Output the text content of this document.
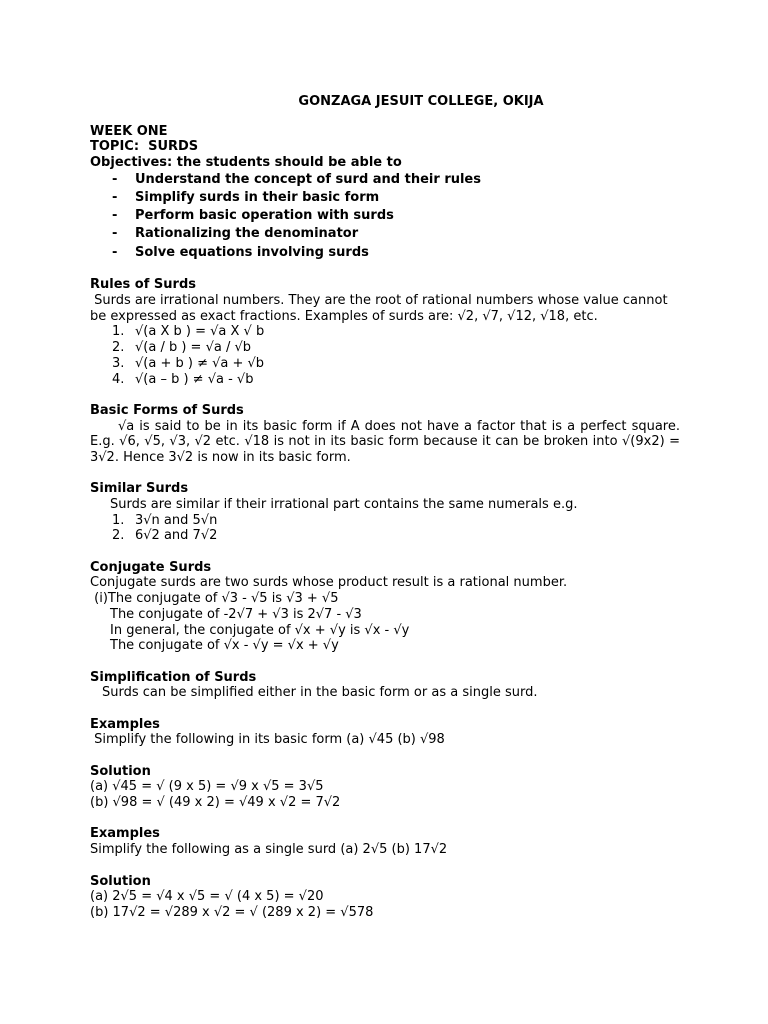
GONZAGA JESUIT COLLEGE, OKIJA
WEEK ONE
TOPIC:  SURDS
Objectives: the students should be able to
-	Understand the concept of surd and their rules
-	Simplify surds in their basic form
-	Perform basic operation with surds
-	Rationalizing the denominator
-	Solve equations involving surds
Rules of Surds
Surds are irrational numbers. They are the root of rational numbers whose value cannot
be expressed as exact fractions. Examples of surds are: √2, √7, √12, √18, etc.
1. √(a X b ) = √a X √ b
2. √(a / b ) = √a / √b
3. √(a + b ) ≠ √a + √b
4. √(a – b ) ≠ √a - √b
Basic Forms of Surds
√a is said to be in its basic form if A does not have a factor that is a perfect square. E.g. √6, √5, √3, √2 etc. √18 is not in its basic form because it can be broken into √(9x2) = 3√2. Hence 3√2 is now in its basic form.
Similar Surds
Surds are similar if their irrational part contains the same numerals e.g.
1. 3√n and 5√n
2. 6√2 and 7√2
Conjugate Surds
Conjugate surds are two surds whose product result is a rational number.
(i)The conjugate of √3 - √5 is √3 + √5
The conjugate of -2√7 + √3 is 2√7 - √3
In general, the conjugate of √x + √y is √x - √y
The conjugate of √x - √y = √x + √y
Simplification of Surds
Surds can be simplified either in the basic form or as a single surd.
Examples
Simplify the following in its basic form (a) √45 (b) √98
Solution
(a) √45 = √ (9 x 5) = √9 x √5 = 3√5
(b) √98 = √ (49 x 2) = √49 x √2 = 7√2
Examples
Simplify the following as a single surd (a) 2√5 (b) 17√2
Solution
(a) 2√5 = √4 x √5 = √ (4 x 5) = √20
(b) 17√2 = √289 x √2 = √ (289 x 2) = √578
